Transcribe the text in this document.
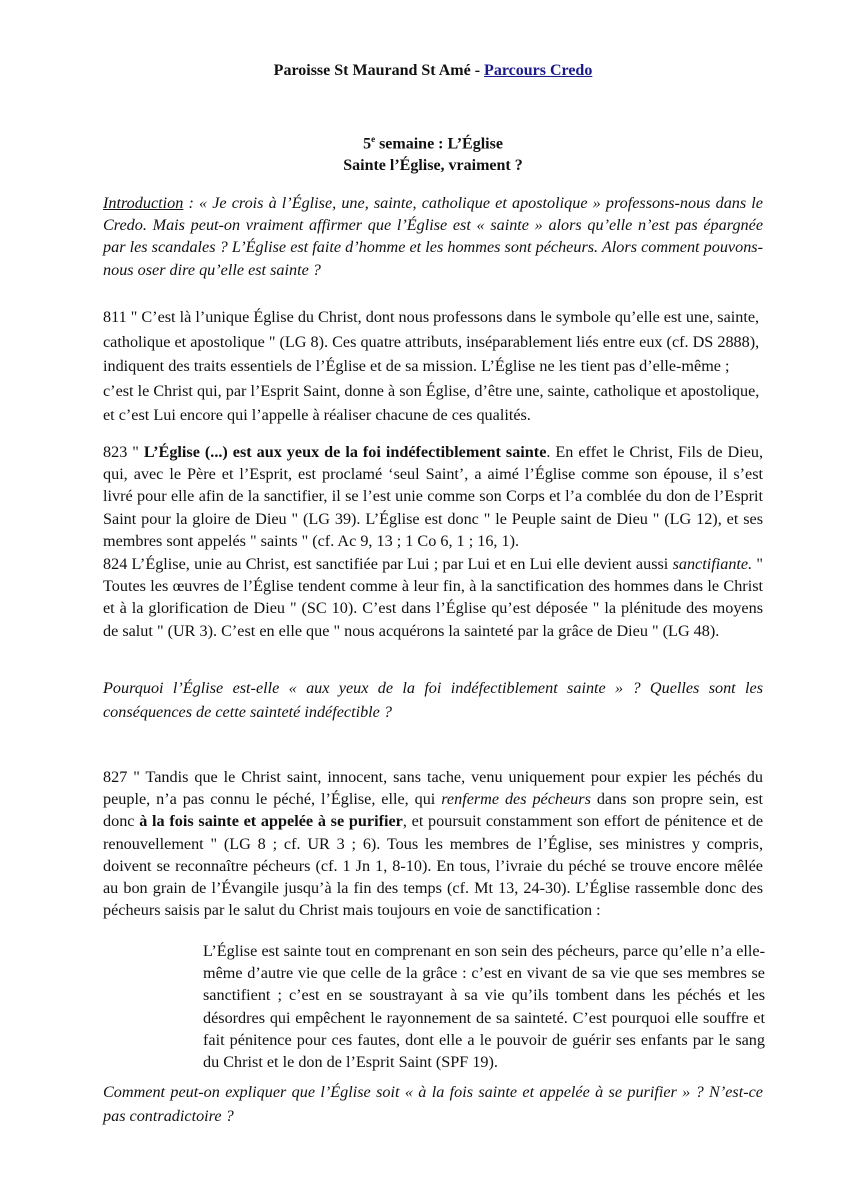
Paroisse St Maurand St Amé - Parcours Credo
5e semaine : L’Église
Sainte l’Église, vraiment ?
Introduction : « Je crois à l’Église, une, sainte, catholique et apostolique » professons-nous dans le Credo. Mais peut-on vraiment affirmer que l’Église est « sainte » alors qu’elle n’est pas épargnée par les scandales ? L’Église est faite d’homme et les hommes sont pécheurs. Alors comment pouvons-nous oser dire qu’elle est sainte ?
811 " C’est là l’unique Église du Christ, dont nous professons dans le symbole qu’elle est une, sainte, catholique et apostolique " (LG 8). Ces quatre attributs, inséparablement liés entre eux (cf. DS 2888), indiquent des traits essentiels de l’Église et de sa mission. L’Église ne les tient pas d’elle-même ; c’est le Christ qui, par l’Esprit Saint, donne à son Église, d’être une, sainte, catholique et apostolique, et c’est Lui encore qui l’appelle à réaliser chacune de ces qualités.
823 " L’Église (...) est aux yeux de la foi indéfectiblement sainte. En effet le Christ, Fils de Dieu, qui, avec le Père et l’Esprit, est proclamé ‘seul Saint’, a aimé l’Église comme son épouse, il s’est livré pour elle afin de la sanctifier, il se l’est unie comme son Corps et l’a comblée du don de l’Esprit Saint pour la gloire de Dieu " (LG 39). L’Église est donc " le Peuple saint de Dieu " (LG 12), et ses membres sont appelés " saints " (cf. Ac 9, 13 ; 1 Co 6, 1 ; 16, 1).
824 L’Église, unie au Christ, est sanctifiée par Lui ; par Lui et en Lui elle devient aussi sanctifiante. " Toutes les œuvres de l’Église tendent comme à leur fin, à la sanctification des hommes dans le Christ et à la glorification de Dieu " (SC 10). C’est dans l’Église qu’est déposée " la plénitude des moyens de salut " (UR 3). C’est en elle que " nous acquérons la sainteté par la grâce de Dieu " (LG 48).
Pourquoi l’Église est-elle « aux yeux de la foi indéfectiblement sainte » ? Quelles sont les conséquences de cette sainteté indéfectible ?
827 " Tandis que le Christ saint, innocent, sans tache, venu uniquement pour expier les péchés du peuple, n’a pas connu le péché, l’Église, elle, qui renferme des pécheurs dans son propre sein, est donc à la fois sainte et appelée à se purifier, et poursuit constamment son effort de pénitence et de renouvellement " (LG 8 ; cf. UR 3 ; 6). Tous les membres de l’Église, ses ministres y compris, doivent se reconnaître pécheurs (cf. 1 Jn 1, 8-10). En tous, l’ivraie du péché se trouve encore mêlée au bon grain de l’Évangile jusqu’à la fin des temps (cf. Mt 13, 24-30). L’Église rassemble donc des pécheurs saisis par le salut du Christ mais toujours en voie de sanctification :
L’Église est sainte tout en comprenant en son sein des pécheurs, parce qu’elle n’a elle-même d’autre vie que celle de la grâce : c’est en vivant de sa vie que ses membres se sanctifient ; c’est en se soustrayant à sa vie qu’ils tombent dans les péchés et les désordres qui empêchent le rayonnement de sa sainteté. C’est pourquoi elle souffre et fait pénitence pour ces fautes, dont elle a le pouvoir de guérir ses enfants par le sang du Christ et le don de l’Esprit Saint (SPF 19).
Comment peut-on expliquer que l’Église soit « à la fois sainte et appelée à se purifier » ? N’est-ce pas contradictoire ?
